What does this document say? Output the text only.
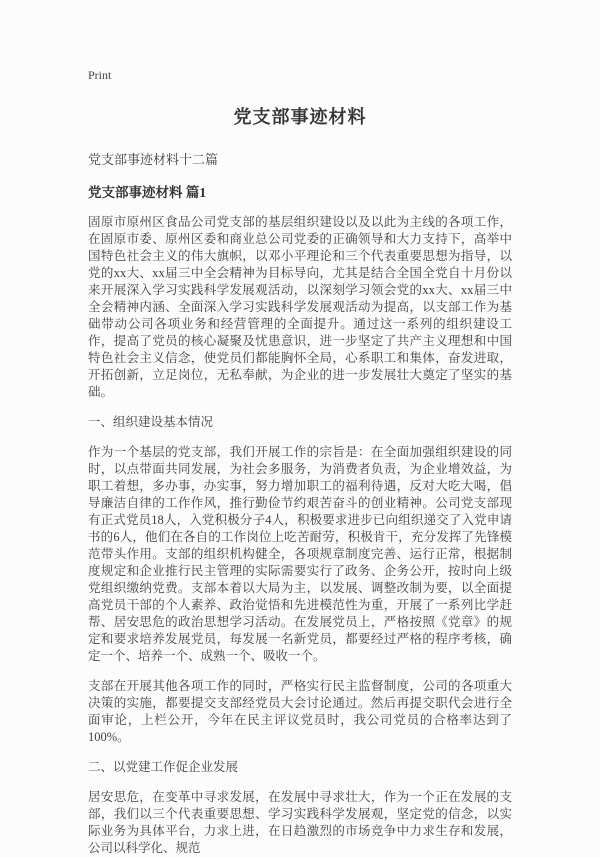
Print
党支部事迹材料
党支部事迹材料十二篇
党支部事迹材料 篇1

固原市原州区食品公司党支部的基层组织建设以及以此为主线的各项工作，在固原市委、原州区委和商业总公司党委的正确领导和大力支持下，高举中国特色社会主义的伟大旗帜，以邓小平理论和三个代表重要思想为指导，以党的xx大、xx届三中全会精神为目标导向，尤其是结合全国全党自十月份以来开展深入学习实践科学发展观活动，以深刻学习领会党的xx大、xx届三中全会精神内涵、全面深入学习实践科学发展观活动为提高，以支部工作为基础带动公司各项业务和经营管理的全面提升。通过这一系列的组织建设工作，提高了党员的核心凝聚及忧患意识，进一步坚定了共产主义理想和中国特色社会主义信念，使党员们都能胸怀全局，心系职工和集体，奋发进取，开拓创新，立足岗位，无私奉献，为企业的进一步发展壮大奠定了坚实的基础。

一、组织建设基本情况

作为一个基层的党支部，我们开展工作的宗旨是：在全面加强组织建设的同时，以点带面共同发展，为社会多服务，为消费者负责，为企业增效益，为职工着想，多办事，办实事，努力增加职工的福利待遇，反对大吃大喝，倡导廉洁自律的工作作风，推行勤俭节约艰苦奋斗的创业精神。公司党支部现有正式党员18人，入党积极分子4人，积极要求进步已向组织递交了入党申请书的6人，他们在各自的工作岗位上吃苦耐劳，积极肯干，充分发挥了先锋模范带头作用。支部的组织机构健全，各项规章制度完善、运行正常，根据制度规定和企业推行民主管理的实际需要实行了政务、企务公开，按时向上级党组织缴纳党费。支部本着以大局为主，以发展、调整改制为要，以全面提高党员干部的个人素养、政治觉悟和先进模范性为重，开展了一系列比学赶帮、居安思危的政治思想学习活动。在发展党员上，严格按照《党章》的规定和要求培养发展党员，每发展一名新党员，都要经过严格的程序考核，确定一个、培养一个、成熟一个、吸收一个。

支部在开展其他各项工作的同时，严格实行民主监督制度，公司的各项重大决策的实施，都要提交支部经党员大会讨论通过。然后再提交职代会进行全面审论，上栏公开，今年在民主评议党员时，我公司党员的合格率达到了100%。

二、以党建工作促企业发展

居安思危，在变革中寻求发展，在发展中寻求壮大，作为一个正在发展的支部，我们以三个代表重要思想、学习实践科学发展观，坚定党的信念，以实际业务为具体平台，力求上进，在日趋激烈的市场竞争中力求生存和发展，公司以科学化、规范
